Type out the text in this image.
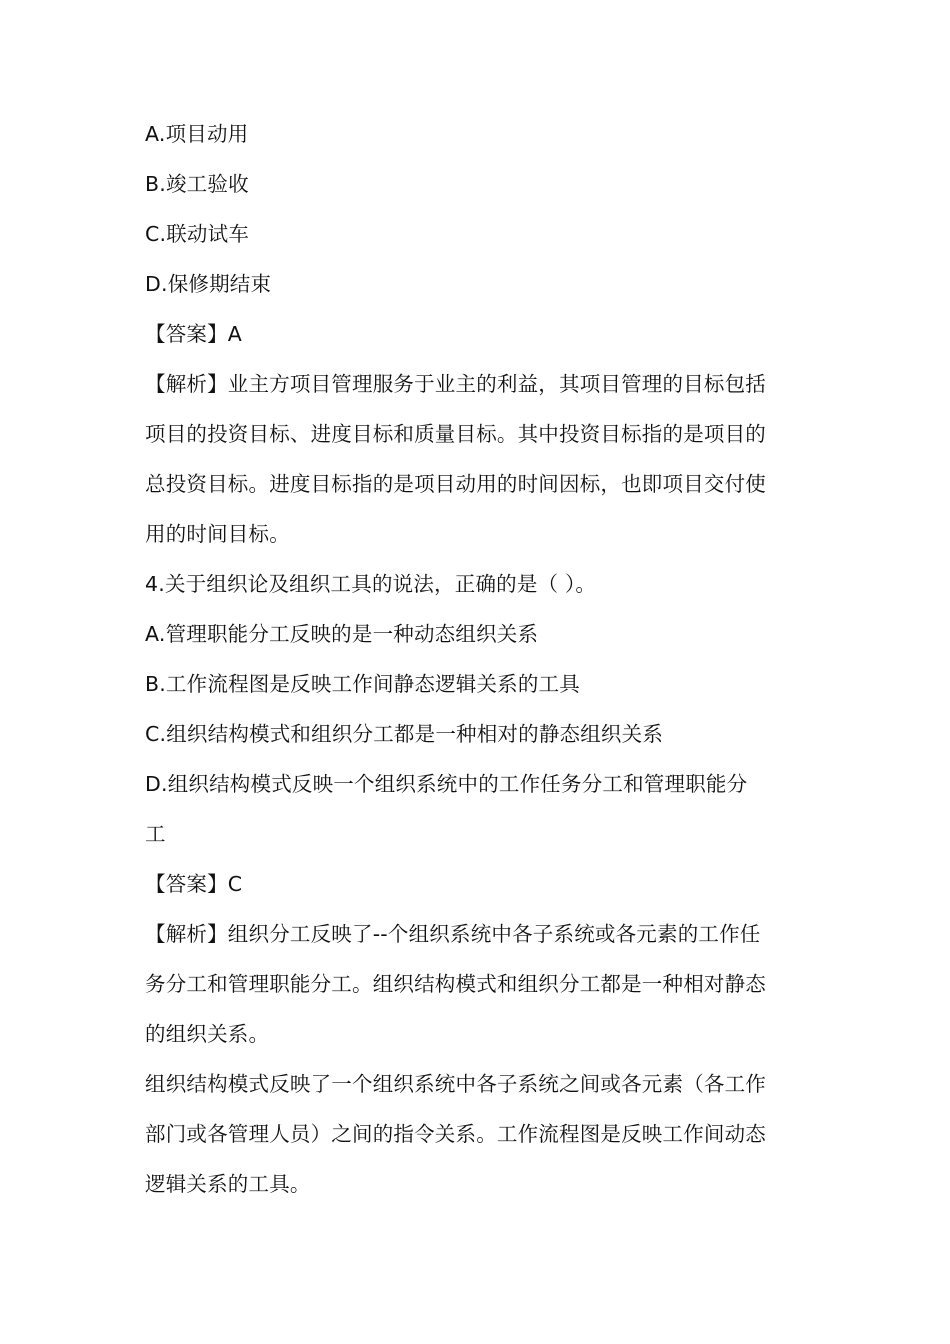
A.项目动用
B.竣工验收
C.联动试车
D.保修期结束
【答案】A
【解析】业主方项目管理服务于业主的利益，其项目管理的目标包括
项目的投资目标、进度目标和质量目标。其中投资目标指的是项目的
总投资目标。进度目标指的是项目动用的时间因标，也即项目交付使
用的时间目标。
4.关于组织论及组织工具的说法，正确的是（ ）。
A.管理职能分工反映的是一种动态组织关系
B.工作流程图是反映工作间静态逻辑关系的工具
C.组织结构模式和组织分工都是一种相对的静态组织关系
D.组织结构模式反映一个组织系统中的工作任务分工和管理职能分
工
【答案】C
【解析】组织分工反映了--个组织系统中各子系统或各元素的工作任
务分工和管理职能分工。组织结构模式和组织分工都是一种相对静态
的组织关系。
组织结构模式反映了一个组织系统中各子系统之间或各元素（各工作
部门或各管理人员）之间的指令关系。工作流程图是反映工作间动态
逻辑关系的工具。
